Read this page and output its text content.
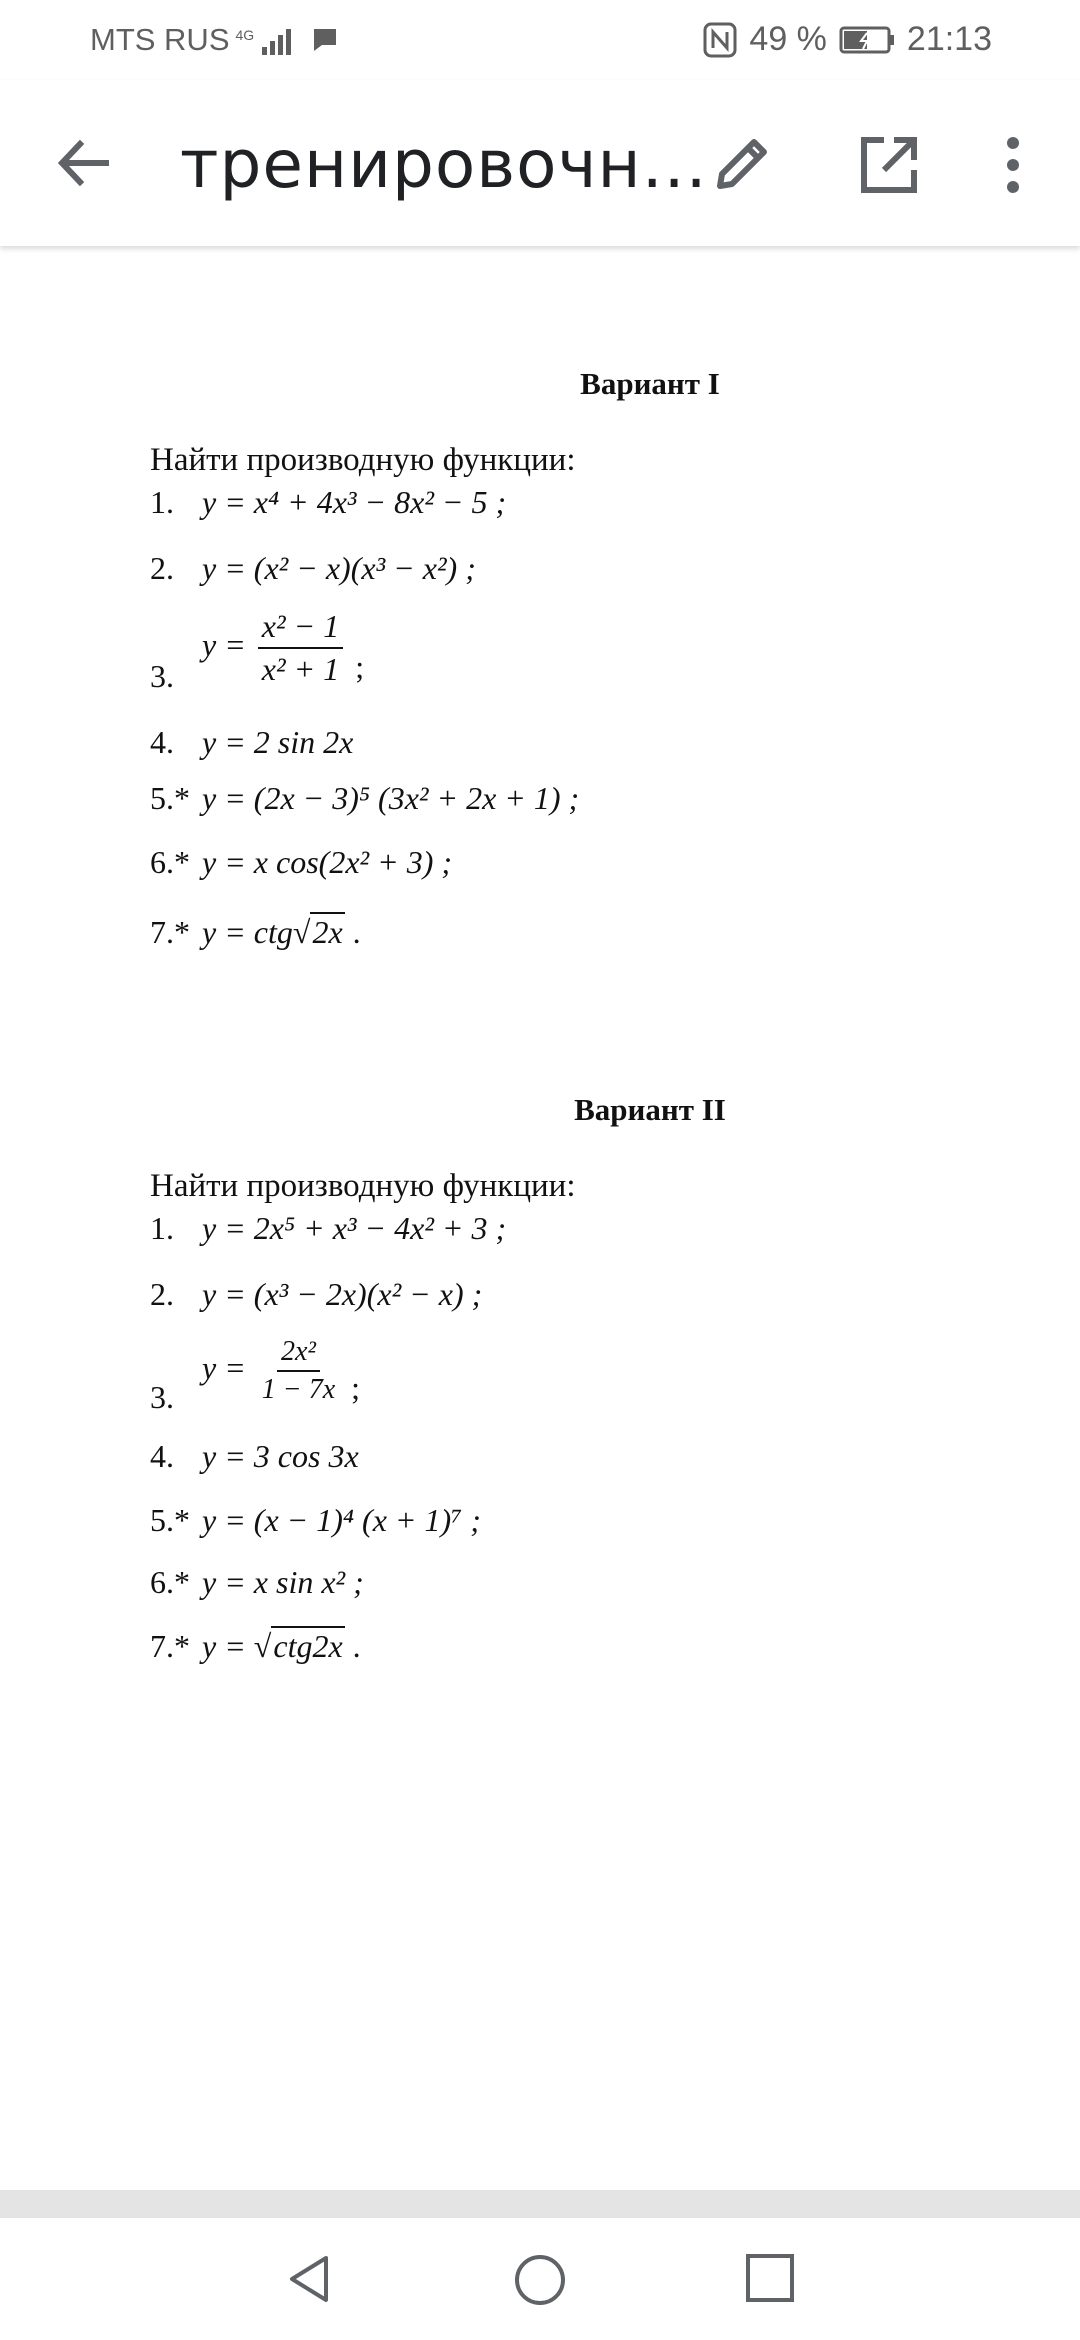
MTS RUS 4G	49 % 21:13
тренировочн...
Вариант I
Найти производную функции:
1. y = x⁴ + 4x³ − 8x² − 5 ;
2. y = (x² − x)(x³ − x²) ;
3. $y = \frac{\text{x² − 1}}{\text{x² + 1}}$ ;
4. y = 2 sin 2x
5.* y = (2x − 3)⁵ (3x² + 2x + 1) ;
6.* y = x cos(2x² + 3) ;
7.* y = ctg√2x .
Вариант II
Найти производную функции:
1. y = 2x⁵ + x³ − 4x² + 3 ;
2. y = (x³ − 2x)(x² − x) ;
3. $y = \frac{\text{2x²}}{1 - 7x}$ ;
4. y = 3 cos 3x
5.* y = (x − 1)⁴ (x + 1)⁷ ;
6.* y = x sin x² ;
7.* y = √ctg2x .
